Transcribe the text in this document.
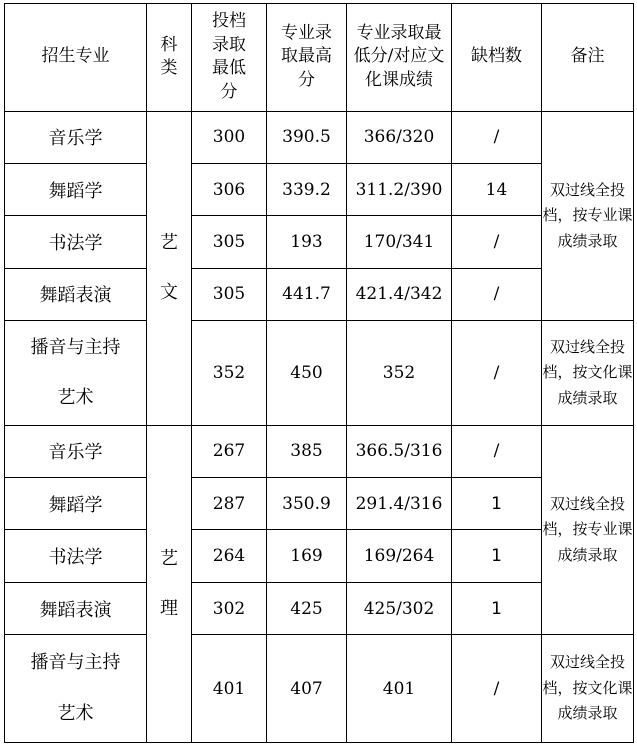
招生专业	科类	投档录取最低分	专业录取最高分	专业录取最低分/对应文化课成绩	缺档数	备注
音乐学	艺文	300	390.5	366/320	/	双过线全投档，按专业课成绩录取
舞蹈学		306	339.2	311.2/390	14	
书法学		305	193	170/341	/	
舞蹈表演		305	441.7	421.4/342	/	
播音与主持艺术		352	450	352	/	双过线全投档，按文化课成绩录取
音乐学	艺理	267	385	366.5/316	/	双过线全投档，按专业课成绩录取
舞蹈学		287	350.9	291.4/316	1	
书法学		264	169	169/264	1	
舞蹈表演		302	425	425/302	1	
播音与主持艺术		401	407	401	/	双过线全投档，按文化课成绩录取
